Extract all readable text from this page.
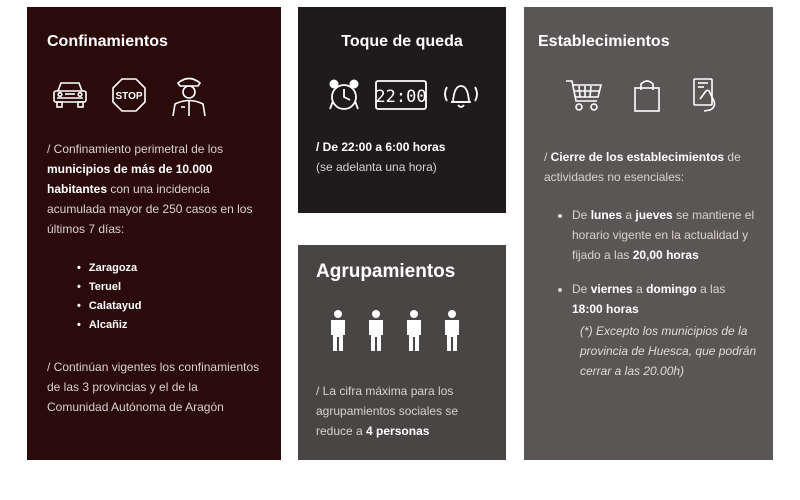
Confinamientos
STOP

/ Confinamiento perimetral de los municipios de más de 10.000 habitantes con una incidencia acumulada mayor de 250 casos en los últimos 7 días:

• Zaragoza
• Teruel
• Calatayud
• Alcañiz

/ Continúan vigentes los confinamientos de las 3 provincias y el de la Comunidad Autónoma de Aragón

Toque de queda
22:00

/ De 22:00 a 6:00 horas
(se adelanta una hora)

Agrupamientos

/ La cifra máxima para los agrupamientos sociales se reduce a 4 personas

Establecimientos

/ Cierre de los establecimientos de actividades no esenciales:

• De lunes a jueves se mantiene el horario vigente en la actualidad y fijado a las 20,00 horas
• De viernes a domingo a las 18:00 horas

(*) Excepto los municipios de la provincia de Huesca, que podrán cerrar a las 20.00h)
